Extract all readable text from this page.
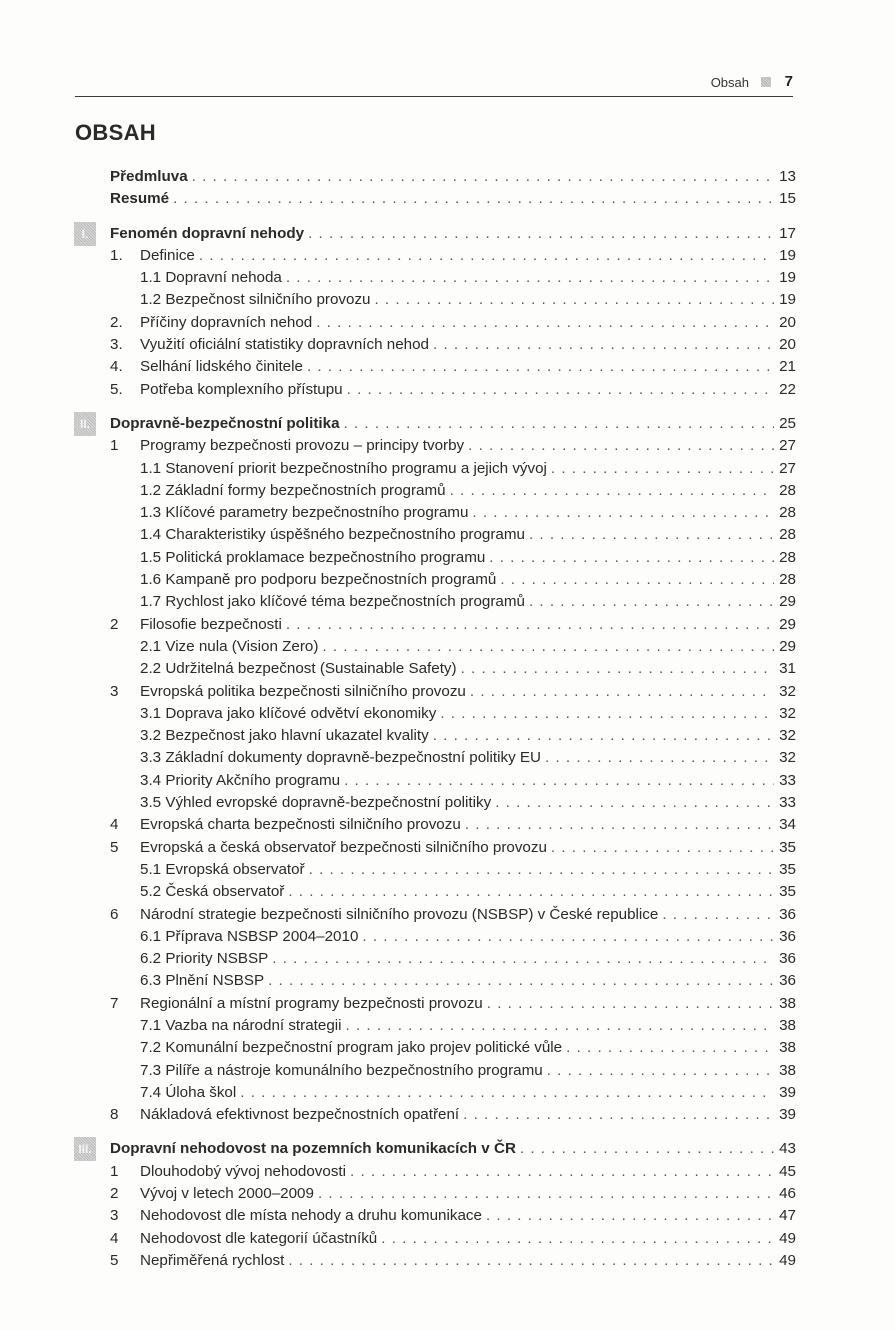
Obsah 7
OBSAH
Předmluva . . .	13
Resumé . . .	15
I.	Fenomén dopravní nehody . . .	17
1.	Definice . . .	19
1.1 Dopravní nehoda . . .	19
1.2 Bezpečnost silničního provozu . . .	19
2.	Příčiny dopravních nehod . . .	20
3.	Využití oficiální statistiky dopravních nehod . . .	20
4.	Selhání lidského činitele . . .	21
5.	Potřeba komplexního přístupu . . .	22
II.	Dopravně-bezpečnostní politika . . .	25
1	Programy bezpečnosti provozu – principy tvorby . . .	27
1.1 Stanovení priorit bezpečnostního programu a jejich vývoj . . .	27
1.2 Základní formy bezpečnostních programů . . .	28
1.3 Klíčové parametry bezpečnostního programu . . .	28
1.4 Charakteristiky úspěšného bezpečnostního programu . . .	28
1.5 Politická proklamace bezpečnostního programu . . .	28
1.6 Kampaně pro podporu bezpečnostních programů . . .	28
1.7 Rychlost jako klíčové téma bezpečnostních programů . . .	29
2	Filosofie bezpečnosti . . .	29
2.1 Vize nula (Vision Zero) . . .	29
2.2 Udržitelná bezpečnost (Sustainable Safety) . . .	31
3	Evropská politika bezpečnosti silničního provozu . . .	32
3.1 Doprava jako klíčové odvětví ekonomiky . . .	32
3.2 Bezpečnost jako hlavní ukazatel kvality . . .	32
3.3 Základní dokumenty dopravně-bezpečnostní politiky EU . . .	32
3.4 Priority Akčního programu . . .	33
3.5 Výhled evropské dopravně-bezpečnostní politiky . . .	33
4	Evropská charta bezpečnosti silničního provozu . . .	34
5	Evropská a česká observatoř bezpečnosti silničního provozu . . .	35
5.1 Evropská observatoř . . .	35
5.2 Česká observatoř . . .	35
6	Národní strategie bezpečnosti silničního provozu (NSBSP) v České republice . . .	36
6.1 Příprava NSBSP 2004–2010 . . .	36
6.2 Priority NSBSP . . .	36
6.3 Plnění NSBSP . . .	36
7	Regionální a místní programy bezpečnosti provozu . . .	38
7.1 Vazba na národní strategii . . .	38
7.2 Komunální bezpečnostní program jako projev politické vůle . . .	38
7.3 Pilíře a nástroje komunálního bezpečnostního programu . . .	38
7.4 Úloha škol . . .	39
8	Nákladová efektivnost bezpečnostních opatření . . .	39
III. Dopravní nehodovost na pozemních komunikacích v ČR . . .	43
1	Dlouhodobý vývoj nehodovosti . . .	45
2	Vývoj v letech 2000–2009 . . .	46
3	Nehodovost dle místa nehody a druhu komunikace . . .	47
4	Nehodovost dle kategorií účastníků . . .	49
5	Nepřiměřená rychlost . . .	49
